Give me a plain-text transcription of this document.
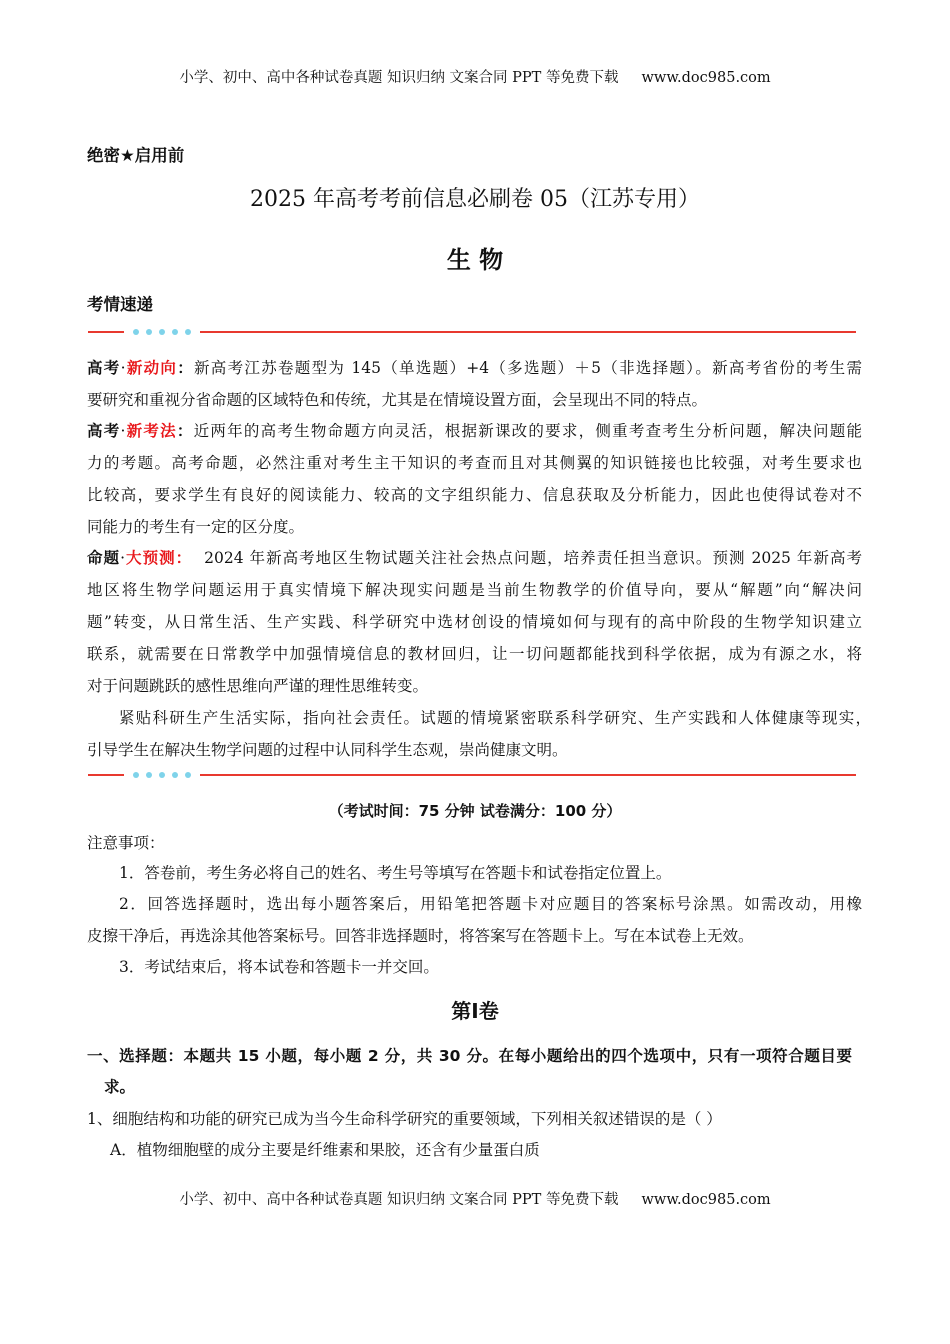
小学、初中、高中各种试卷真题 知识归纳 文案合同 PPT 等免费下载 www.doc985.com
绝密★启用前
2025 年高考考前信息必刷卷 05（江苏专用）
生 物
考情速递
高考·新动向：新高考江苏卷题型为 145（单选题）+4（多选题）＋5（非选择题）。新高考省份的考生需
要研究和重视分省命题的区域特色和传统，尤其是在情境设置方面，会呈现出不同的特点。
高考·新考法：近两年的高考生物命题方向灵活，根据新课改的要求，侧重考查考生分析问题，解决问题能
力的考题。高考命题，必然注重对考生主干知识的考查而且对其侧翼的知识链接也比较强，对考生要求也
比较高，要求学生有良好的阅读能力、较高的文字组织能力、信息获取及分析能力，因此也使得试卷对不
同能力的考生有一定的区分度。
命题·大预测： 2024 年新高考地区生物试题关注社会热点问题，培养责任担当意识。预测 2025 年新高考
地区将生物学问题运用于真实情境下解决现实问题是当前生物教学的价值导向，要从“解题”向“解决问
题”转变，从日常生活、生产实践、科学研究中选材创设的情境如何与现有的高中阶段的生物学知识建立
联系，就需要在日常教学中加强情境信息的教材回归，让一切问题都能找到科学依据，成为有源之水，将
对于问题跳跃的感性思维向严谨的理性思维转变。
紧贴科研生产生活实际，指向社会责任。试题的情境紧密联系科学研究、生产实践和人体健康等现实，
引导学生在解决生物学问题的过程中认同科学生态观，崇尚健康文明。
（考试时间：75 分钟 试卷满分：100 分）
注意事项：
1．答卷前，考生务必将自己的姓名、考生号等填写在答题卡和试卷指定位置上。
2．回答选择题时，选出每小题答案后，用铅笔把答题卡对应题目的答案标号涂黑。如需改动，用橡
皮擦干净后，再选涂其他答案标号。回答非选择题时，将答案写在答题卡上。写在本试卷上无效。
3．考试结束后，将本试卷和答题卡一并交回。
第Ⅰ卷
一、选择题：本题共 15 小题，每小题 2 分，共 30 分。在每小题给出的四个选项中，只有一项符合题目要
求。
1、细胞结构和功能的研究已成为当今生命科学研究的重要领域，下列相关叙述错误的是（ ）
A．植物细胞壁的成分主要是纤维素和果胶，还含有少量蛋白质
小学、初中、高中各种试卷真题 知识归纳 文案合同 PPT 等免费下载 www.doc985.com
